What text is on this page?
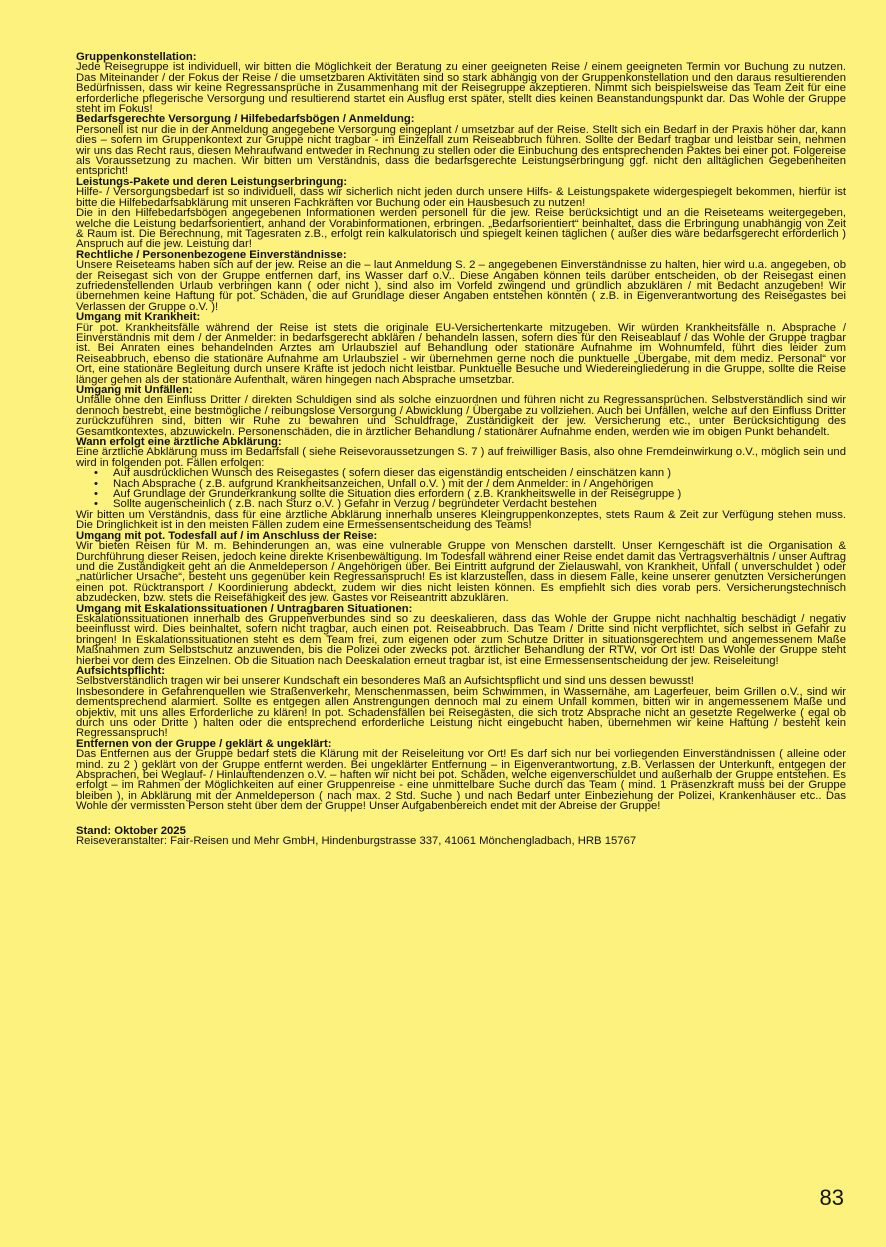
Gruppenkonstellation:

Jede Reisegruppe ist individuell, wir bitten die Möglichkeit der Beratung zu einer geeigneten Reise / einem geeigneten Termin vor Buchung zu nutzen. Das Miteinander / der Fokus der Reise / die umsetzbaren Aktivitäten sind so stark abhängig von der Gruppenkonstellation und den daraus resultierenden Bedürfnissen, dass wir keine Regressansprüche in Zusammenhang mit der Reisegruppe akzeptieren. Nimmt sich beispielsweise das Team Zeit für eine erforderliche pflegerische Versorgung und resultierend startet ein Ausflug erst später, stellt dies keinen Beanstandungspunkt dar. Das Wohle der Gruppe steht im Fokus!

Bedarfsgerechte Versorgung / Hilfebedarfsbögen / Anmeldung:

Personell ist nur die in der Anmeldung angegebene Versorgung eingeplant / umsetzbar auf der Reise. Stellt sich ein Bedarf in der Praxis höher dar, kann dies – sofern im Gruppenkontext zur Gruppe nicht tragbar - im Einzelfall zum Reiseabbruch führen. Sollte der Bedarf tragbar und leistbar sein, nehmen wir uns das Recht raus, diesen Mehraufwand entweder in Rechnung zu stellen oder die Einbuchung des entsprechenden Paktes bei einer pot. Folgereise als Voraussetzung zu machen. Wir bitten um Verständnis, dass die bedarfsgerechte Leistungserbringung ggf. nicht den alltäglichen Gegebenheiten entspricht!

Leistungs-Pakete und deren Leistungserbringung:

Hilfe- / Versorgungsbedarf ist so individuell, dass wir sicherlich nicht jeden durch unsere Hilfs- & Leistungspakete widergespiegelt bekommen, hierfür ist bitte die Hilfebedarfsabklärung mit unseren Fachkräften vor Buchung oder ein Hausbesuch zu nutzen!

Die in den Hilfebedarfsbögen angegebenen Informationen werden personell für die jew. Reise berücksichtigt und an die Reiseteams weitergegeben, welche die Leistung bedarfsorientiert, anhand der Vorabinformationen, erbringen. „Bedarfsorientiert“ beinhaltet, dass die Erbringung unabhängig von Zeit & Raum ist. Die Berechnung, mit Tagesraten z.B., erfolgt rein kalkulatorisch und spiegelt keinen täglichen ( außer dies wäre bedarfsgerecht erforderlich ) Anspruch auf die jew. Leistung dar!

Rechtliche / Personenbezogene Einverständnisse:

Unsere Reiseteams haben sich auf der jew. Reise an die – laut Anmeldung S. 2 – angegebenen Einverständnisse zu halten, hier wird u.a. angegeben, ob der Reisegast sich von der Gruppe entfernen darf, ins Wasser darf o.V.. Diese Angaben können teils darüber entscheiden, ob der Reisegast einen zufriedenstellenden Urlaub verbringen kann ( oder nicht ), sind also im Vorfeld zwingend und gründlich abzuklären / mit Bedacht anzugeben! Wir übernehmen keine Haftung für pot. Schäden, die auf Grundlage dieser Angaben entstehen könnten ( z.B. in Eigenverantwortung des Reisegastes bei Verlassen der Gruppe o.V. )!

Umgang mit Krankheit:

Für pot. Krankheitsfälle während der Reise ist stets die originale EU-Versichertenkarte mitzugeben. Wir würden Krankheitsfälle n. Absprache / Einverständnis mit dem / der Anmelder: in bedarfsgerecht abklären / behandeln lassen, sofern dies für den Reiseablauf / das Wohle der Gruppe tragbar ist. Bei Anraten eines behandelnden Arztes am Urlaubsziel auf Behandlung oder stationäre Aufnahme im Wohnumfeld, führt dies leider zum Reiseabbruch, ebenso die stationäre Aufnahme am Urlaubsziel - wir übernehmen gerne noch die punktuelle „Übergabe, mit dem mediz. Personal“ vor Ort, eine stationäre Begleitung durch unsere Kräfte ist jedoch nicht leistbar. Punktuelle Besuche und Wiedereingliederung in die Gruppe, sollte die Reise länger gehen als der stationäre Aufenthalt, wären hingegen nach Absprache umsetzbar.

Umgang mit Unfällen:

Unfälle ohne den Einfluss Dritter / direkten Schuldigen sind als solche einzuordnen und führen nicht zu Regressansprüchen. Selbstverständlich sind wir dennoch bestrebt, eine bestmögliche / reibungslose Versorgung / Abwicklung / Übergabe zu vollziehen. Auch bei Unfällen, welche auf den Einfluss Dritter zurückzuführen sind, bitten wir Ruhe zu bewahren und Schuldfrage, Zuständigkeit der jew. Versicherung etc., unter Berücksichtigung des Gesamtkontextes, abzuwickeln. Personenschäden, die in ärztlicher Behandlung / stationärer Aufnahme enden, werden wie im obigen Punkt behandelt.

Wann erfolgt eine ärztliche Abklärung:

Eine ärztliche Abklärung muss im Bedarfsfall ( siehe Reisevoraussetzungen S. 7 ) auf freiwilliger Basis, also ohne Fremdeinwirkung o.V., möglich sein und wird in folgenden pot. Fällen erfolgen:

• Auf ausdrücklichen Wunsch des Reisegastes ( sofern dieser das eigenständig entscheiden / einschätzen kann )
• Nach Absprache ( z.B. aufgrund Krankheitsanzeichen, Unfall o.V. ) mit der / dem Anmelder: in / Angehörigen
• Auf Grundlage der Grunderkrankung sollte die Situation dies erfordern ( z.B. Krankheitswelle in der Reisegruppe )
• Sollte augenscheinlich ( z.B. nach Sturz o.V. ) Gefahr in Verzug / begründeter Verdacht bestehen

Wir bitten um Verständnis, dass für eine ärztliche Abklärung innerhalb unseres Kleingruppenkonzeptes, stets Raum & Zeit zur Verfügung stehen muss. Die Dringlichkeit ist in den meisten Fällen zudem eine Ermessensentscheidung des Teams!

Umgang mit pot. Todesfall auf / im Anschluss der Reise:

Wir bieten Reisen für M. m. Behinderungen an, was eine vulnerable Gruppe von Menschen darstellt. Unser Kerngeschäft ist die Organisation & Durchführung dieser Reisen, jedoch keine direkte Krisenbewältigung. Im Todesfall während einer Reise endet damit das Vertragsverhältnis / unser Auftrag und die Zuständigkeit geht an die Anmeldeperson / Angehörigen über. Bei Eintritt aufgrund der Zielauswahl, von Krankheit, Unfall ( unverschuldet ) oder „natürlicher Ursache“, besteht uns gegenüber kein Regressanspruch! Es ist klarzustellen, dass in diesem Falle, keine unserer genutzten Versicherungen einen pot. Rücktransport / Koordinierung abdeckt, zudem wir dies nicht leisten können. Es empfiehlt sich dies vorab pers. Versicherungstechnisch abzudecken, bzw. stets die Reisefähigkeit des jew. Gastes vor Reiseantritt abzuklären.

Umgang mit Eskalationssituationen / Untragbaren Situationen:

Eskalationssituationen innerhalb des Gruppenverbundes sind so zu deeskalieren, dass das Wohle der Gruppe nicht nachhaltig beschädigt / negativ beeinflusst wird. Dies beinhaltet, sofern nicht tragbar, auch einen pot. Reiseabbruch. Das Team / Dritte sind nicht verpflichtet, sich selbst in Gefahr zu bringen! In Eskalationssituationen steht es dem Team frei, zum eigenen oder zum Schutze Dritter in situationsgerechtem und angemessenem Maße Maßnahmen zum Selbstschutz anzuwenden, bis die Polizei oder zwecks pot. ärztlicher Behandlung der RTW, vor Ort ist! Das Wohle der Gruppe steht hierbei vor dem des Einzelnen. Ob die Situation nach Deeskalation erneut tragbar ist, ist eine Ermessensentscheidung der jew. Reiseleitung!

Aufsichtspflicht:

Selbstverständlich tragen wir bei unserer Kundschaft ein besonderes Maß an Aufsichtspflicht und sind uns dessen bewusst!

Insbesondere in Gefahrenquellen wie Straßenverkehr, Menschenmassen, beim Schwimmen, in Wassernähe, am Lagerfeuer, beim Grillen o.V., sind wir dementsprechend alarmiert. Sollte es entgegen allen Anstrengungen dennoch mal zu einem Unfall kommen, bitten wir in angemessenem Maße und objektiv, mit uns alles Erforderliche zu klären! In pot. Schadensfällen bei Reisegästen, die sich trotz Absprache nicht an gesetzte Regelwerke ( egal ob durch uns oder Dritte ) halten oder die entsprechend erforderliche Leistung nicht eingebucht haben, übernehmen wir keine Haftung / besteht kein Regressanspruch!

Entfernen von der Gruppe / geklärt & ungeklärt:

Das Entfernen aus der Gruppe bedarf stets die Klärung mit der Reiseleitung vor Ort! Es darf sich nur bei vorliegenden Einverständnissen ( alleine oder mind. zu 2 ) geklärt von der Gruppe entfernt werden. Bei ungeklärter Entfernung – in Eigenverantwortung, z.B. Verlassen der Unterkunft, entgegen der Absprachen, bei Weglauf- / Hinlauftendenzen o.V. – haften wir nicht bei pot. Schäden, welche eigenverschuldet und außerhalb der Gruppe entstehen. Es erfolgt – im Rahmen der Möglichkeiten auf einer Gruppenreise - eine unmittelbare Suche durch das Team ( mind. 1 Präsenzkraft muss bei der Gruppe bleiben ), in Abklärung mit der Anmeldeperson ( nach max. 2 Std. Suche ) und nach Bedarf unter Einbeziehung der Polizei, Krankenhäuser etc.. Das Wohle der vermissten Person steht über dem der Gruppe! Unser Aufgabenbereich endet mit der Abreise der Gruppe!

Stand: Oktober 2025

Reiseveranstalter: Fair-Reisen und Mehr GmbH, Hindenburgstrasse 337, 41061 Mönchengladbach, HRB 15767

83
